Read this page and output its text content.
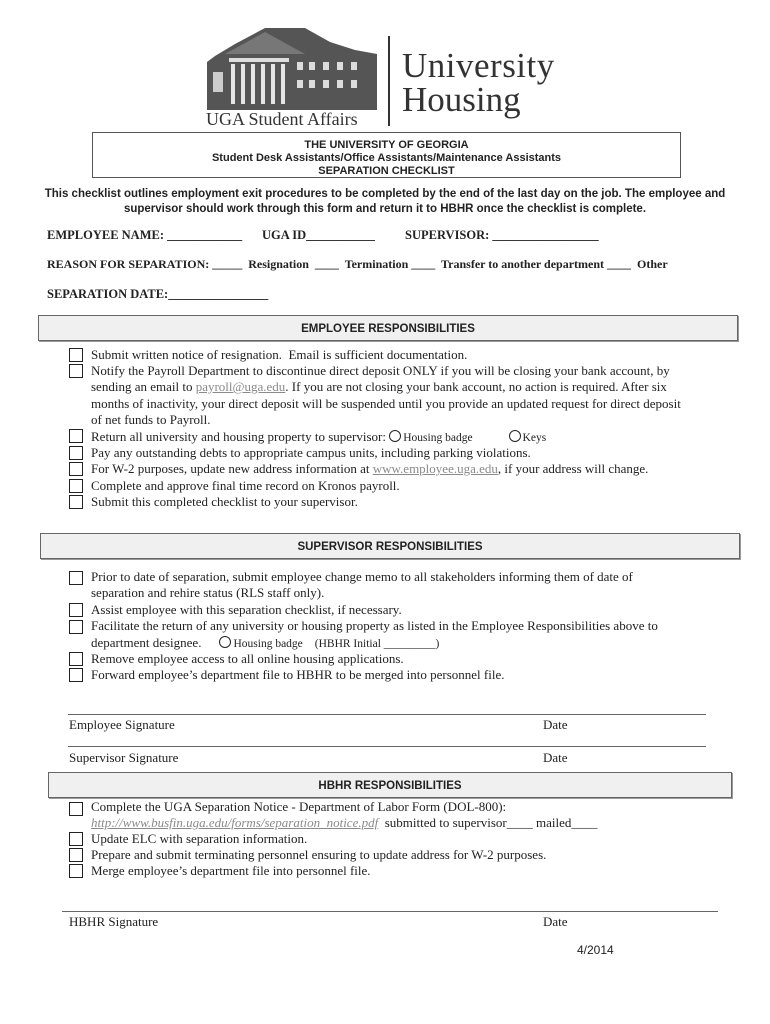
University
Housing
UGA Student Affairs
THE UNIVERSITY OF GEORGIA
Student Desk Assistants/Office Assistants/Maintenance Assistants
SEPARATION CHECKLIST
This checklist outlines employment exit procedures to be completed by the end of the last day on the job. The employee and
supervisor should work through this form and return it to HBHR once the checklist is complete.
EMPLOYEE NAME: ____________ UGA ID___________ SUPERVISOR: _________________
REASON FOR SEPARATION: _____  Resignation  ____  Termination ____  Transfer to another department ____  Other
SEPARATION DATE:________________
EMPLOYEE RESPONSIBILITIES
Submit written notice of resignation.  Email is sufficient documentation.
Notify the Payroll Department to discontinue direct deposit ONLY if you will be closing your bank account, by
sending an email to payroll@uga.edu. If you are not closing your bank account, no action is required. After six
months of inactivity, your direct deposit will be suspended until you provide an updated request for direct deposit
of net funds to Payroll.
Return all university and housing property to supervisor: Housing badge	Keys
Pay any outstanding debts to appropriate campus units, including parking violations.
For W-2 purposes, update new address information at www.employee.uga.edu, if your address will change.
Complete and approve final time record on Kronos payroll.
Submit this completed checklist to your supervisor.
SUPERVISOR RESPONSIBILITIES
Prior to date of separation, submit employee change memo to all stakeholders informing them of date of
separation and rehire status (RLS staff only).
Assist employee with this separation checklist, if necessary.
Facilitate the return of any university or housing property as listed in the Employee Responsibilities above to
department designee.	Housing badge (HBHR Initial _________)
Remove employee access to all online housing applications.
Forward employee’s department file to HBHR to be merged into personnel file.
Employee Signature	Date
Supervisor Signature	Date
HBHR RESPONSIBILITIES
Complete the UGA Separation Notice - Department of Labor Form (DOL-800):
http://www.busfin.uga.edu/forms/separation_notice.pdf  submitted to supervisor____ mailed____
Update ELC with separation information.
Prepare and submit terminating personnel ensuring to update address for W-2 purposes.
Merge employee’s department file into personnel file.
HBHR Signature	Date
4/2014
